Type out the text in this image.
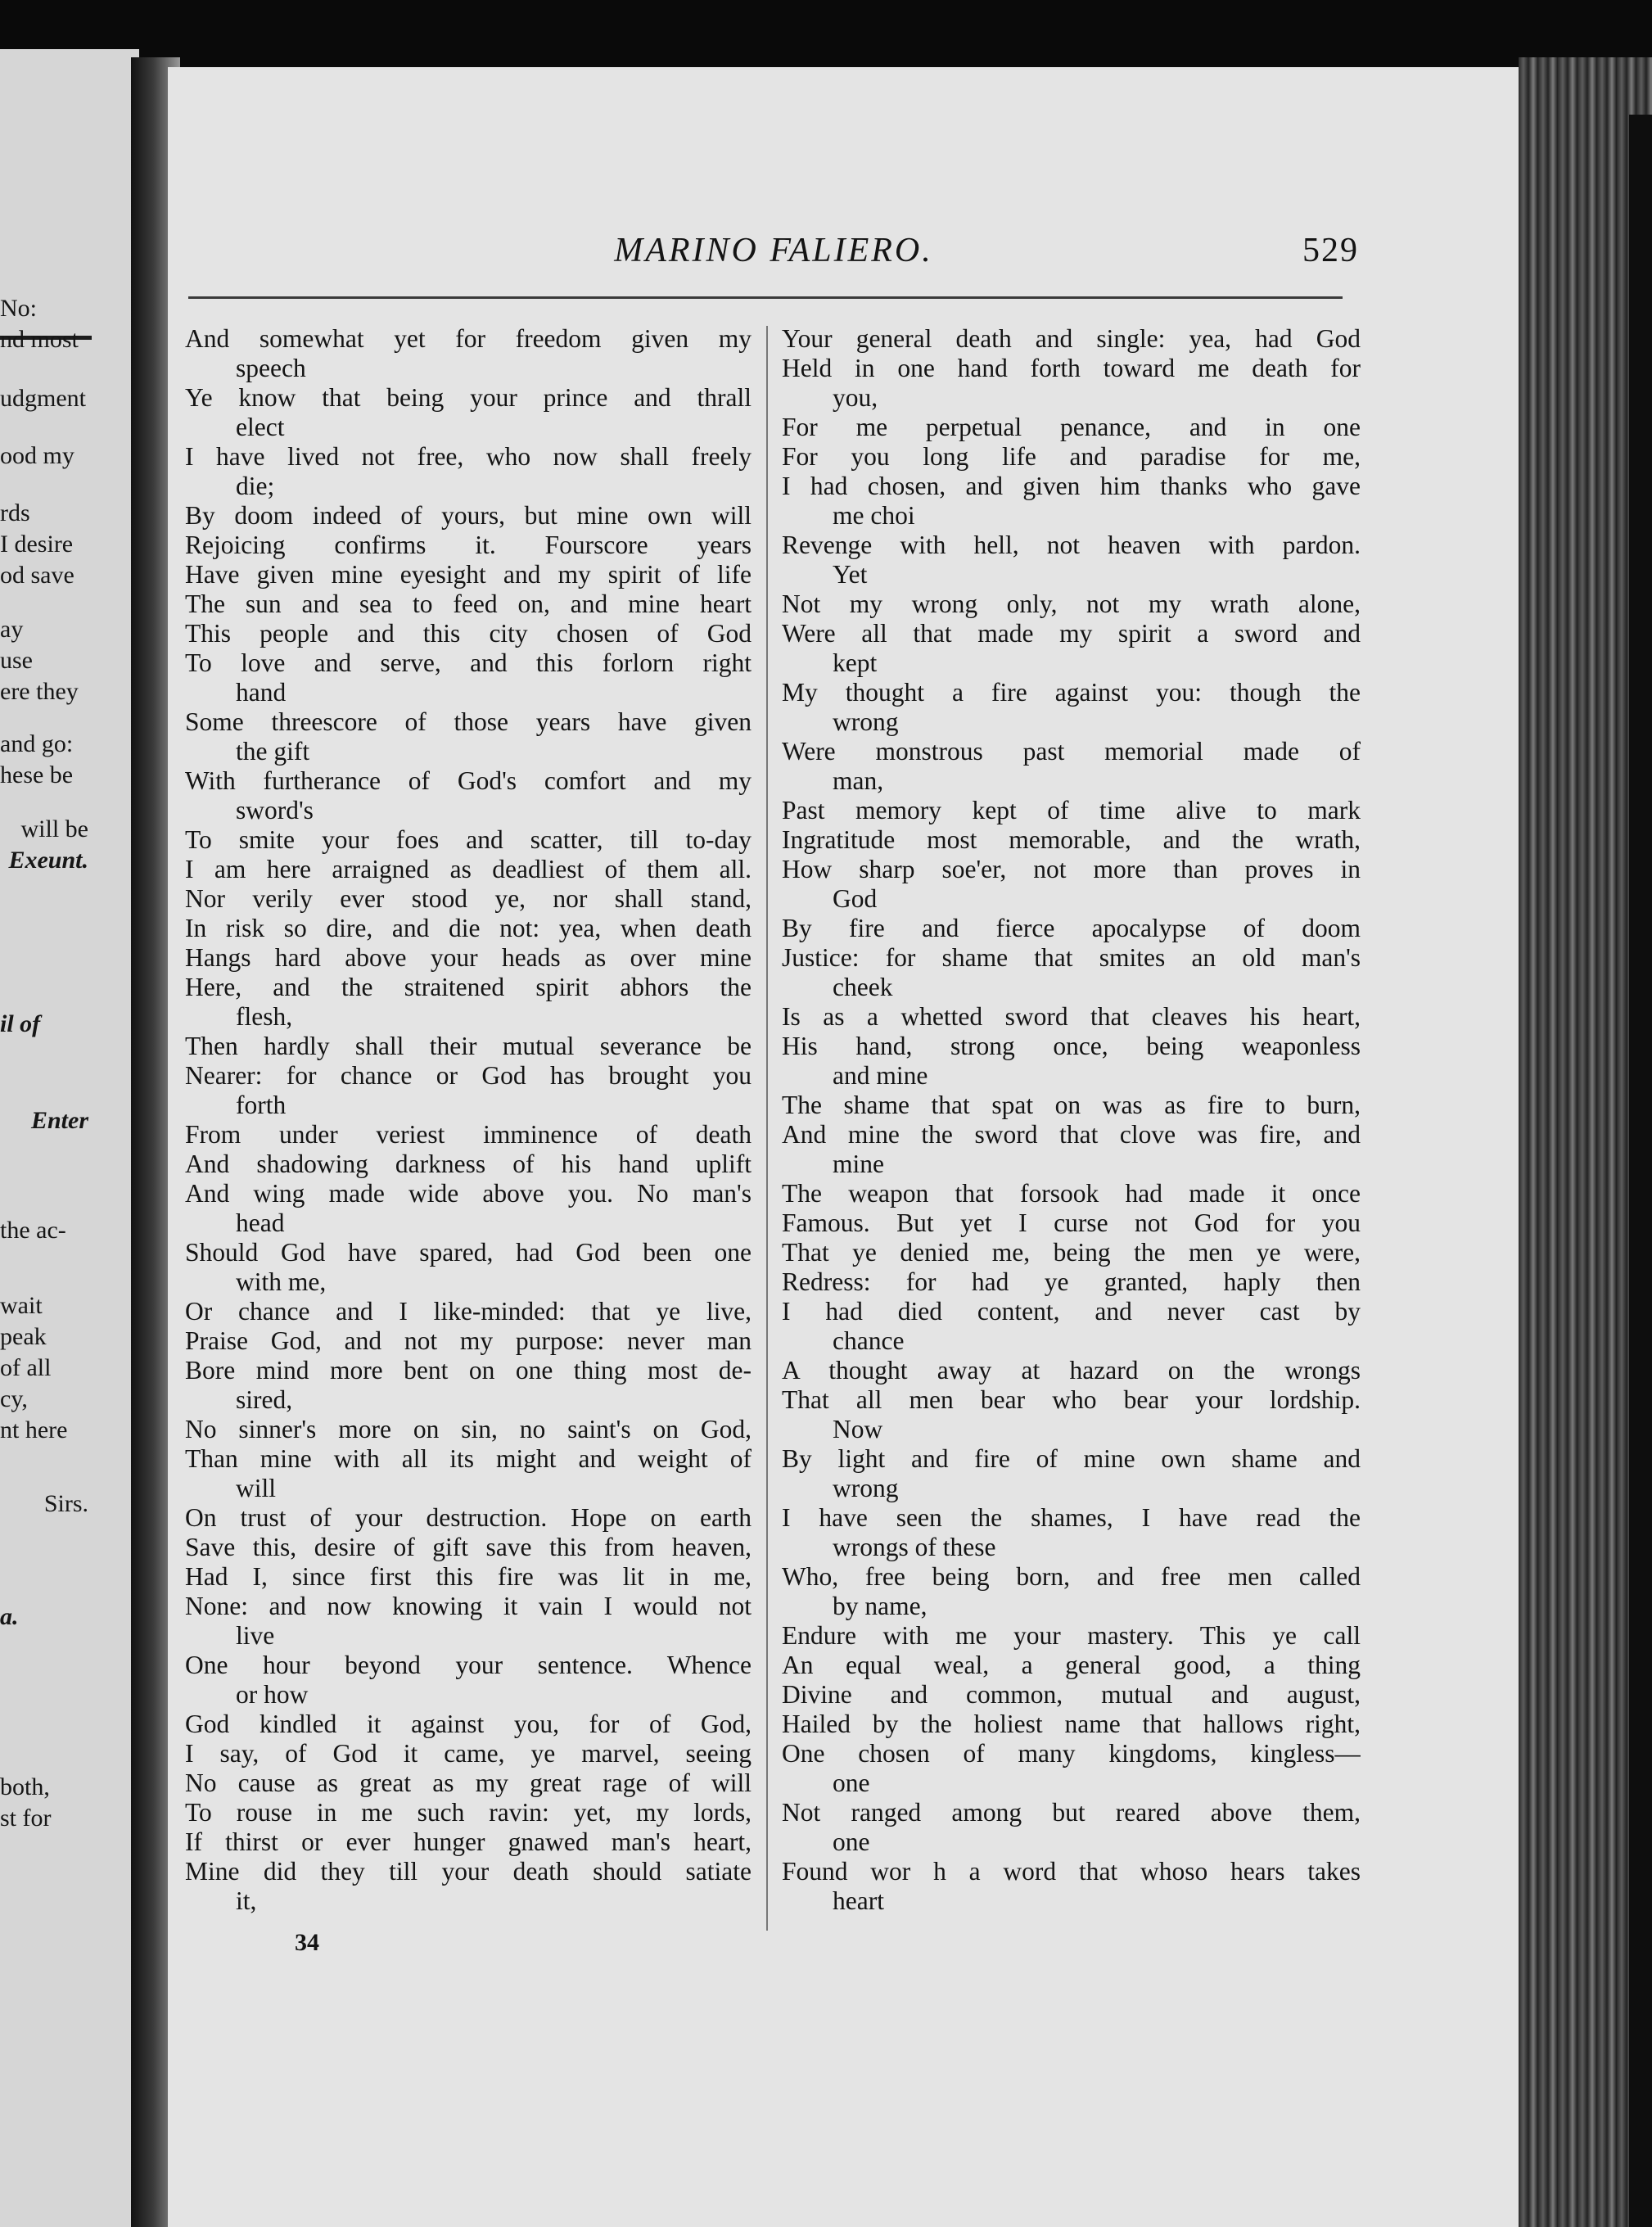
No:
nd most
udgment
ood my
rds
I desire
od save
ay
use
ere they
and go:
hese be
will be
Exeunt.
il of
Enter
the ac-
wait
peak
of all
cy,
nt here
Sirs.
a.
both,
st for
MARINO FALIERO.	529
And somewhat yet for freedom given my
speech
Ye know that being your prince and thrall
elect
I have lived not free, who now shall freely
die;
By doom indeed of yours, but mine own will
Rejoicing confirms it. Fourscore years
Have given mine eyesight and my spirit of life
The sun and sea to feed on, and mine heart
This people and this city chosen of God
To love and serve, and this forlorn right
hand
Some threescore of those years have given
the gift
With furtherance of God's comfort and my
sword's
To smite your foes and scatter, till to-day
I am here arraigned as deadliest of them all.
Nor verily ever stood ye, nor shall stand,
In risk so dire, and die not: yea, when death
Hangs hard above your heads as over mine
Here, and the straitened spirit abhors the
flesh,
Then hardly shall their mutual severance be
Nearer: for chance or God has brought you
forth
From under veriest imminence of death
And shadowing darkness of his hand uplift
And wing made wide above you. No man's
head
Should God have spared, had God been one
with me,
Or chance and I like-minded: that ye live,
Praise God, and not my purpose: never man
Bore mind more bent on one thing most de-
sired,
No sinner's more on sin, no saint's on God,
Than mine with all its might and weight of
will
On trust of your destruction. Hope on earth
Save this, desire of gift save this from heaven,
Had I, since first this fire was lit in me,
None: and now knowing it vain I would not
live
One hour beyond your sentence. Whence
or how
God kindled it against you, for of God,
I say, of God it came, ye marvel, seeing
No cause as great as my great rage of will
To rouse in me such ravin: yet, my lords,
If thirst or ever hunger gnawed man's heart,
Mine did they till your death should satiate
it,
Your general death and single: yea, had God
Held in one hand forth toward me death for
you,
For me perpetual penance, and in one
For you long life and paradise for me,
I had chosen, and given him thanks who gave
me choi
Revenge with hell, not heaven with pardon.
Yet
Not my wrong only, not my wrath alone,
Were all that made my spirit a sword and
kept
My thought a fire against you: though the
wrong
Were monstrous past memorial made of
man,
Past memory kept of time alive to mark
Ingratitude most memorable, and the wrath,
How sharp soe'er, not more than proves in
God
By fire and fierce apocalypse of doom
Justice: for shame that smites an old man's
cheek
Is as a whetted sword that cleaves his heart,
His hand, strong once, being weaponless
and mine
The shame that spat on was as fire to burn,
And mine the sword that clove was fire, and
mine
The weapon that forsook had made it once
Famous. But yet I curse not God for you
That ye denied me, being the men ye were,
Redress: for had ye granted, haply then
I had died content, and never cast by
chance
A thought away at hazard on the wrongs
That all men bear who bear your lordship.
Now
By light and fire of mine own shame and
wrong
I have seen the shames, I have read the
wrongs of these
Who, free being born, and free men called
by name,
Endure with me your mastery. This ye call
An equal weal, a general good, a thing
Divine and common, mutual and august,
Hailed by the holiest name that hallows right,
One chosen of many kingdoms, kingless—
one
Not ranged among but reared above them,
one
Found wor h a word that whoso hears takes
heart
34
